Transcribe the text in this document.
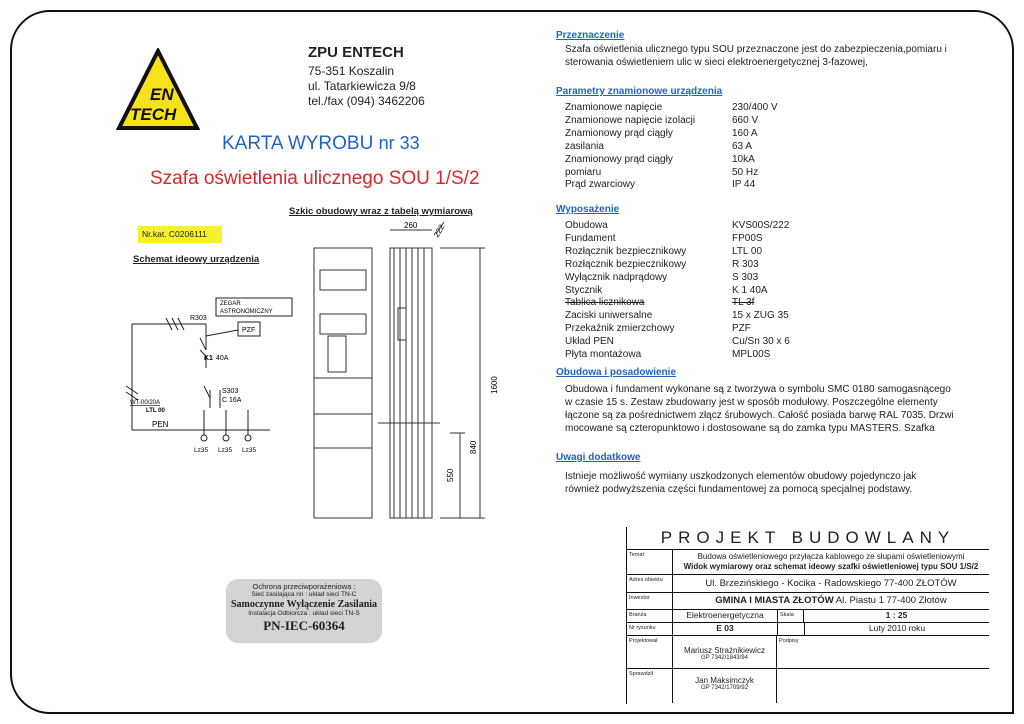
EN
TECH
ZPU ENTECH
75-351 Koszalin
ul. Tatarkiewicza 9/8
tel./fax (094) 3462206
KARTA WYROBU nr 33
Szafa oświetlenia ulicznego SOU 1/S/2
Szkic obudowy wraz z tabelą wymiarową
Nr.kat. C0206111
Schemat ideowy urządzenia
R303
ZEGAR
ASTRONOMICZNY
PZF
K1 40A
S303
C 16A
WT-00/20A
LTL 00
PEN
Lz35 Lz35 Lz35
260 222
1600
840
550
Ochrona przeciwporażeniowa :
Sieć zasilająca nn : układ sieci TN-C
Samoczynne Wyłączenie Zasilania
Instalacja Odbiorcza : układ sieci TN-S
PN-IEC-60364
Przeznaczenie
Szafa oświetlenia ulicznego typu SOU przeznaczone jest do zabezpieczenia,pomiaru i sterowania oświetleniem ulic w sieci elektroenergetycznej 3-fazowej,
Parametry znamionowe urządzenia
Znamionowe napięcie	230/400 V
Znamionowe napięcie izolacji	660 V
Znamionowy prąd ciągły	160 A
zasilania	63 A
Znamionowy prąd ciągły	10kA
pomiaru	50 Hz
Prąd zwarciowy	IP 44
Wyposażenie
Obudowa	KVS00S/222
Fundament	FP00S
Rozłącznik bezpiecznikowy	LTL 00
Rozłącznik bezpiecznikowy	R 303
Wyłącznik nadprądowy	S 303
Stycznik	K 1 40A
Tablica licznikowa	TL 3f
Zaciski uniwersalne	15 x ZUG 35
Przekaźnik zmierzchowy	PZF
Układ PEN	Cu/Sn 30 x 6
Płyta montażowa	MPL00S
Obudowa i posadowienie
Obudowa i fundament wykonane są z tworzywa o symbolu SMC 0180 samogasnącego w czasie 15 s. Zestaw zbudowany jest w sposób modułowy. Poszczególne elementy łączone są za pośrednictwem złącz śrubowych. Całość posiada barwę RAL 7035. Drzwi mocowane są czteropunktowo i dostosowane są do zamka typu MASTERS. Szafka
Uwagi dodatkowe
Istnieje możliwość wymiany uszkodzonych elementów obudowy pojedynczo jak również podwyższenia części fundamentowej za pomocą specjalnej podstawy.
PROJEKT BUDOWLANY
Temat	Budowa oświetleniowego przyłącza kablowego ze słupami oświetleniowymi
Widok wymiarowy oraz schemat ideowy szafki oświetleniowej typu SOU 1/S/2
Adres obiektu	Ul. Brzezińskiego - Kocika - Radowskiego 77-400 ZŁOTÓW
Inwestor	GMINA I MIASTA ZŁOTÓW Al. Piastu 1 77-400 Złotów
Branża	Elektroenergetyczna	Skala	1 : 25
Nr rysunku	E 03	Luty 2010 roku
Projektował
Mariusz Strażnikiewicz
GP 7342/1843/94
Podpisy
Sprawdził
Jan Maksimczyk
GP 7342/1709/92
